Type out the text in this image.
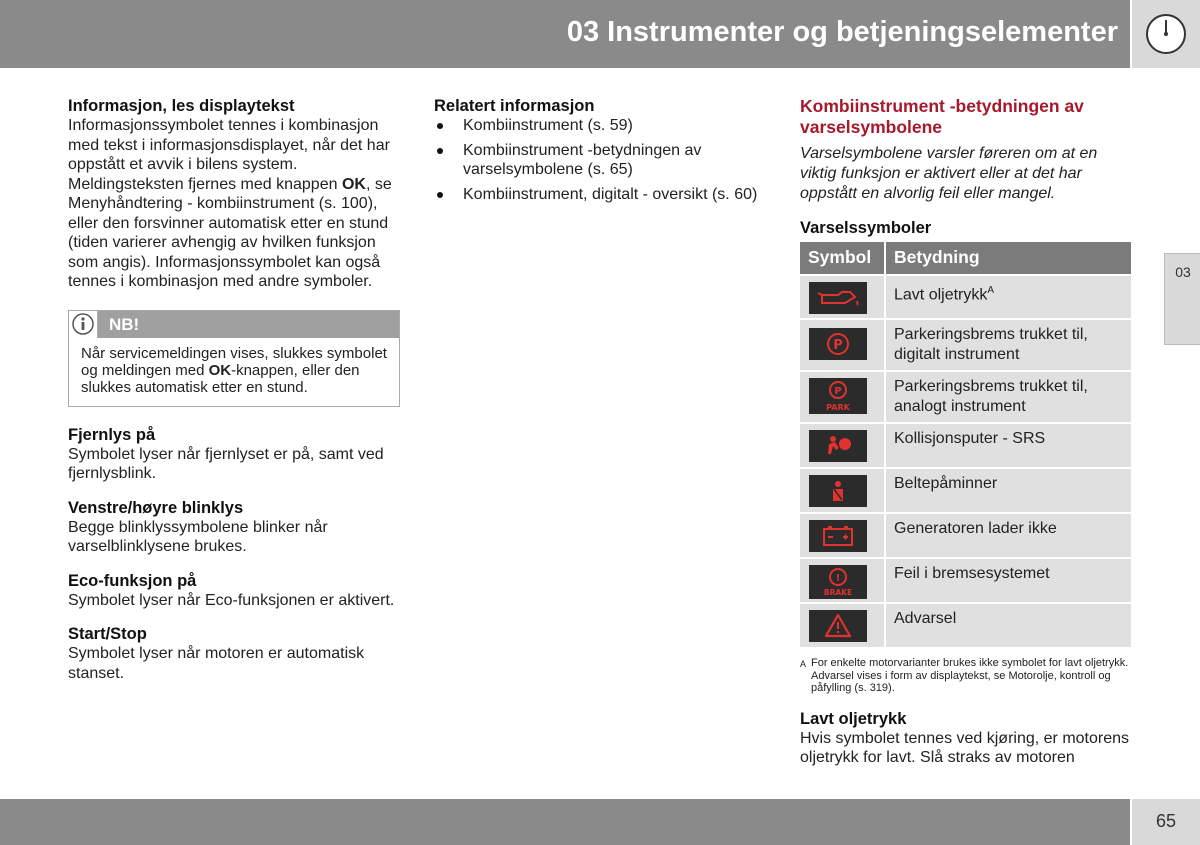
03 Instrumenter og betjeningselementer
03
Informasjon, les displaytekst

Informasjonssymbolet tennes i kombinasjon med tekst i informasjonsdisplayet, når det har oppstått et avvik i bilens system. Meldingsteksten fjernes med knappen OK, se Menyhåndtering - kombiinstrument (s. 100), eller den forsvinner automatisk etter en stund (tiden varierer avhengig av hvilken funksjon som angis). Informasjonssymbolet kan også tennes i kombinasjon med andre symboler.

NB!
Når servicemeldingen vises, slukkes symbolet og meldingen med OK-knappen, eller den slukkes automatisk etter en stund.
Fjernlys på

Symbolet lyser når fjernlyset er på, samt ved fjernlysblink.

Venstre/høyre blinklys

Begge blinklyssymbolene blinker når varselblinklysene brukes.

Eco-funksjon på

Symbolet lyser når Eco-funksjonen er aktivert.

Start/Stop

Symbolet lyser når motoren er automatisk stanset.

Relatert informasjon
Kombiinstrument (s. 59)
Kombiinstrument -betydningen av varselsymbolene (s. 65)
Kombiinstrument, digitalt - oversikt (s. 60)
Kombiinstrument -betydningen av varselsymbolene

Varselsymbolene varsler føreren om at en viktig funksjon er aktivert eller at det har oppstått en alvorlig feil eller mangel.

Varselssymboler
Symbol	Betydning

	Lavt oljetrykk$^A$

P	Parkeringsbrems trukket til, digitalt instrument

P
PARK	Parkeringsbrems trukket til, analogt instrument

	Kollisjonsputer - SRS

	Beltepåminner

	Generatoren lader ikke

!
BRAKE	Feil i bremsesystemet

	Advarsel
A For enkelte motorvarianter brukes ikke symbolet for lavt oljetrykk. Advarsel vises i form av displaytekst, se Motorolje, kontroll og påfylling (s. 319).
Lavt oljetrykk

Hvis symbolet tennes ved kjøring, er motorens oljetrykk for lavt. Slå straks av motoren

65
